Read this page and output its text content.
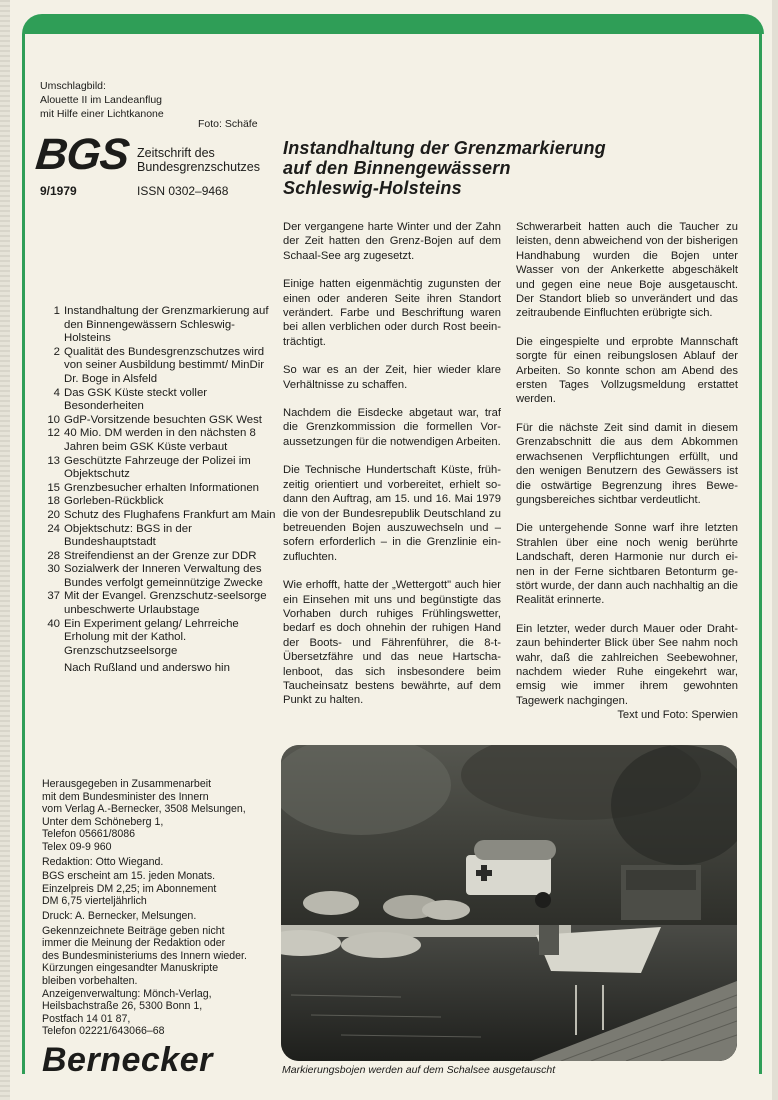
Umschlagbild:
Alouette II im Landeanflug
mit Hilfe einer Lichtkanone
Foto: Schäfe
BGS Zeitschrift des
Bundesgrenzschutzes
9/1979	ISSN 0302–9468
1 Instandhaltung der Grenzmarkierung auf den Binnengewässern Schleswig-Holsteins
2 Qualität des Bundesgrenzschutzes wird von seiner Ausbildung bestimmt/ MinDir Dr. Boge in Alsfeld
4 Das GSK Küste steckt voller Besonderheiten
10 GdP-Vorsitzende besuchten GSK West
12 40 Mio. DM werden in den nächsten 8 Jahren beim GSK Küste verbaut
13 Geschützte Fahrzeuge der Polizei im Objektschutz
15 Grenzbesucher erhalten Informationen
18 Gorleben-Rückblick
20 Schutz des Flughafens Frankfurt am Main
24 Objektschutz: BGS in der Bundeshauptstadt
28 Streifendienst an der Grenze zur DDR
30 Sozialwerk der Inneren Verwaltung des Bundes verfolgt gemeinnützige Zwecke
37 Mit der Evangel. Grenzschutz-seelsorge unbeschwerte Urlaubstage
40 Ein Experiment gelang/ Lehrreiche Erholung mit der Kathol. Grenzschutzseelsorge
Nach Rußland und anderswo hin
Herausgegeben in Zusammenarbeit
mit dem Bundesminister des Innern
vom Verlag A.-Bernecker, 3508 Melsungen,
Unter dem Schöneberg 1,
Telefon 05661/8086
Telex 09-9 960
Redaktion: Otto Wiegand.
BGS erscheint am 15. jeden Monats.
Einzelpreis DM 2,25; im Abonnement
DM 6,75 vierteljährlich
Druck: A. Bernecker, Melsungen.
Gekennzeichnete Beiträge geben nicht
immer die Meinung der Redaktion oder
des Bundesministeriums des Innern wieder.
Kürzungen eingesandter Manuskripte
bleiben vorbehalten.
Anzeigenverwaltung: Mönch-Verlag,
Heilsbachstraße 26, 5300 Bonn 1,
Postfach 14 01 87,
Telefon 02221/643066–68
Bernecker
Instandhaltung der Grenzmarkierung
auf den Binnengewässern
Schleswig-Holsteins

Der vergangene harte Winter und der Zahn der Zeit hatten den Grenz-Bojen auf dem Schaal-See arg zugesetzt.

Einige hatten eigenmächtig zugunsten der einen oder anderen Seite ihren Standort verändert. Farbe und Beschriftung waren bei allen verblichen oder durch Rost beeinträchtigt.

So war es an der Zeit, hier wieder klare Verhältnisse zu schaffen.

Nachdem die Eisdecke abgetaut war, traf die Grenzkommission die formellen Voraussetzungen für die notwendigen Arbeiten.

Die Technische Hundertschaft Küste, frühzeitig orientiert und vorbereitet, erhielt sodann den Auftrag, am 15. und 16. Mai 1979 die von der Bundesrepublik Deutschland zu betreuenden Bojen auszuwechseln und – sofern erforderlich – in die Grenzlinie einzufluchten.

Wie erhofft, hatte der „Wettergott" auch hier ein Einsehen mit uns und begünstigte das Vorhaben durch ruhiges Frühlingswetter, bedarf es doch ohnehin der ruhigen Hand der Boots- und Fährenführer, die 8-t-Übersetzfähre und das neue Hartschalenboot, das sich insbesondere beim Taucheinsatz bestens bewährte, auf dem Punkt zu halten.

Schwerarbeit hatten auch die Taucher zu leisten, denn abweichend von der bisherigen Handhabung wurden die Bojen unter Wasser von der Ankerkette abgeschäkelt und gegen eine neue Boje ausgetauscht. Der Standort blieb so unverändert und das zeitraubende Einfluchten erübrigte sich.

Die eingespielte und erprobte Mannschaft sorgte für einen reibungslosen Ablauf der Arbeiten. So konnte schon am Abend des ersten Tages Vollzugsmeldung erstattet werden.

Für die nächste Zeit sind damit in diesem Grenzabschnitt die aus dem Abkommen erwachsenen Verpflichtungen erfüllt, und den wenigen Benutzern des Gewässers ist die ostwärtige Begrenzung ihres Bewegungsbereiches sichtbar verdeutlicht.

Die untergehende Sonne warf ihre letzten Strahlen über eine noch wenig berührte Landschaft, deren Harmonie nur durch einen in der Ferne sichtbaren Betonturm gestört wurde, der dann auch nachhaltig an die Realität erinnerte.

Ein letzter, weder durch Mauer oder Drahtzaun behinderter Blick über See nahm noch wahr, daß die zahlreichen Seebewohner, nachdem wieder Ruhe eingekehrt war, emsig wie immer ihrem gewohnten Tagewerk nachgingen.

Text und Foto: Sperwien
Markierungsbojen werden auf dem Schalsee ausgetauscht
